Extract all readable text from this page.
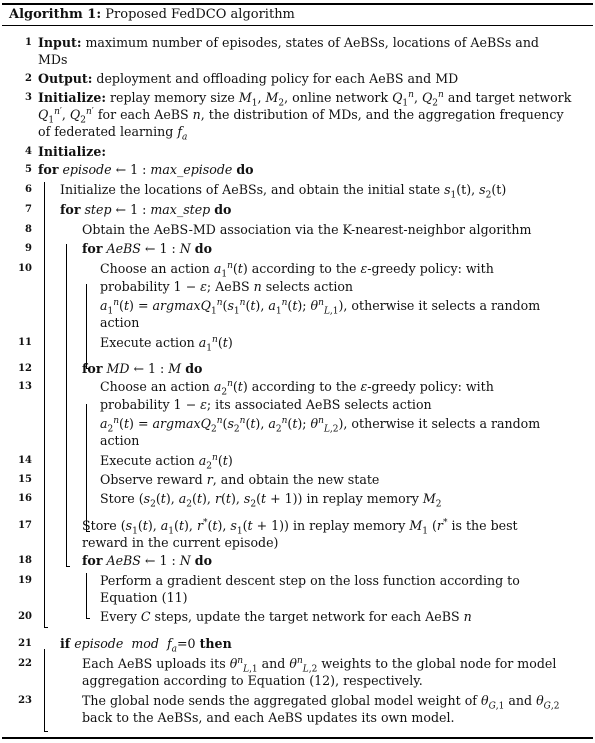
Algorithm 1: Proposed FedDCO algorithm
1 Input: maximum number of episodes, states of AeBSs, locations of AeBSs and
MDs
2 Output: deployment and offloading policy for each AeBS and MD
3 Initialize: replay memory size $M_1$, $M_2$, online network $Q_1^n$, $Q_2^n$ and target network
$Q_1^{n'}$, $Q_2^{n'}$ for each AeBS n, the distribution of MDs, and the aggregation frequency
of federated learning $f_a$
4 Initialize:
5 for episode ← 1 : max_episode do
6 Initialize the locations of AeBSs, and obtain the initial state $s_1(t)$, $s_2(t)$
7 for step ← 1 : max_step do
8	Obtain the AeBS-MD association via the K-nearest-neighbor algorithm
9	for AeBS ← 1 : N do
10	Choose an action $a_1^n(t)$ according to the ε-greedy policy: with
probability 1 − ε; AeBS n selects action
$a_1^n(t) = argmaxQ_1^n(s_1^n(t)$, $a_1^n(t)$; $\theta^n_{L,1}$), otherwise it selects a random
action
11	Execute action $a_1^n(t)$
12	for MD ← 1 : M do
13	Choose an action $a_2^n(t)$ according to the ε-greedy policy: with
probability 1 − ε; its associated AeBS selects action
$a_2^n(t) = argmaxQ_2^n(s_2^n(t)$, $a_2^n(t)$; $\theta^n_{L,2}$), otherwise it selects a random
action
14	Execute action $a_2^n(t)$
15	Observe reward r, and obtain the new state
16	Store ($s_2(t)$, $a_2(t)$, r(t), $s_2(t + 1)$) in replay memory $M_2$
17	Store ($s_1(t)$, $a_1(t)$, r*(t), $s_1(t + 1)$) in replay memory $M_1$ (r* is the best
reward in the current episode)
18	for AeBS ← 1 : N do
19	Perform a gradient descent step on the loss function according to
Equation (11)
20	Every C steps, update the target network for each AeBS n
21 if episode mod $f_a=0$ then
22	Each AeBS uploads its $\theta^n_{L,1}$ and $\theta^n_{L,2}$ weights to the global node for model
aggregation according to Equation (12), respectively.
23	The global node sends the aggregated global model weight of $\theta_{G,1}$ and $\theta_{G,2}$
back to the AeBSs, and each AeBS updates its own model.
